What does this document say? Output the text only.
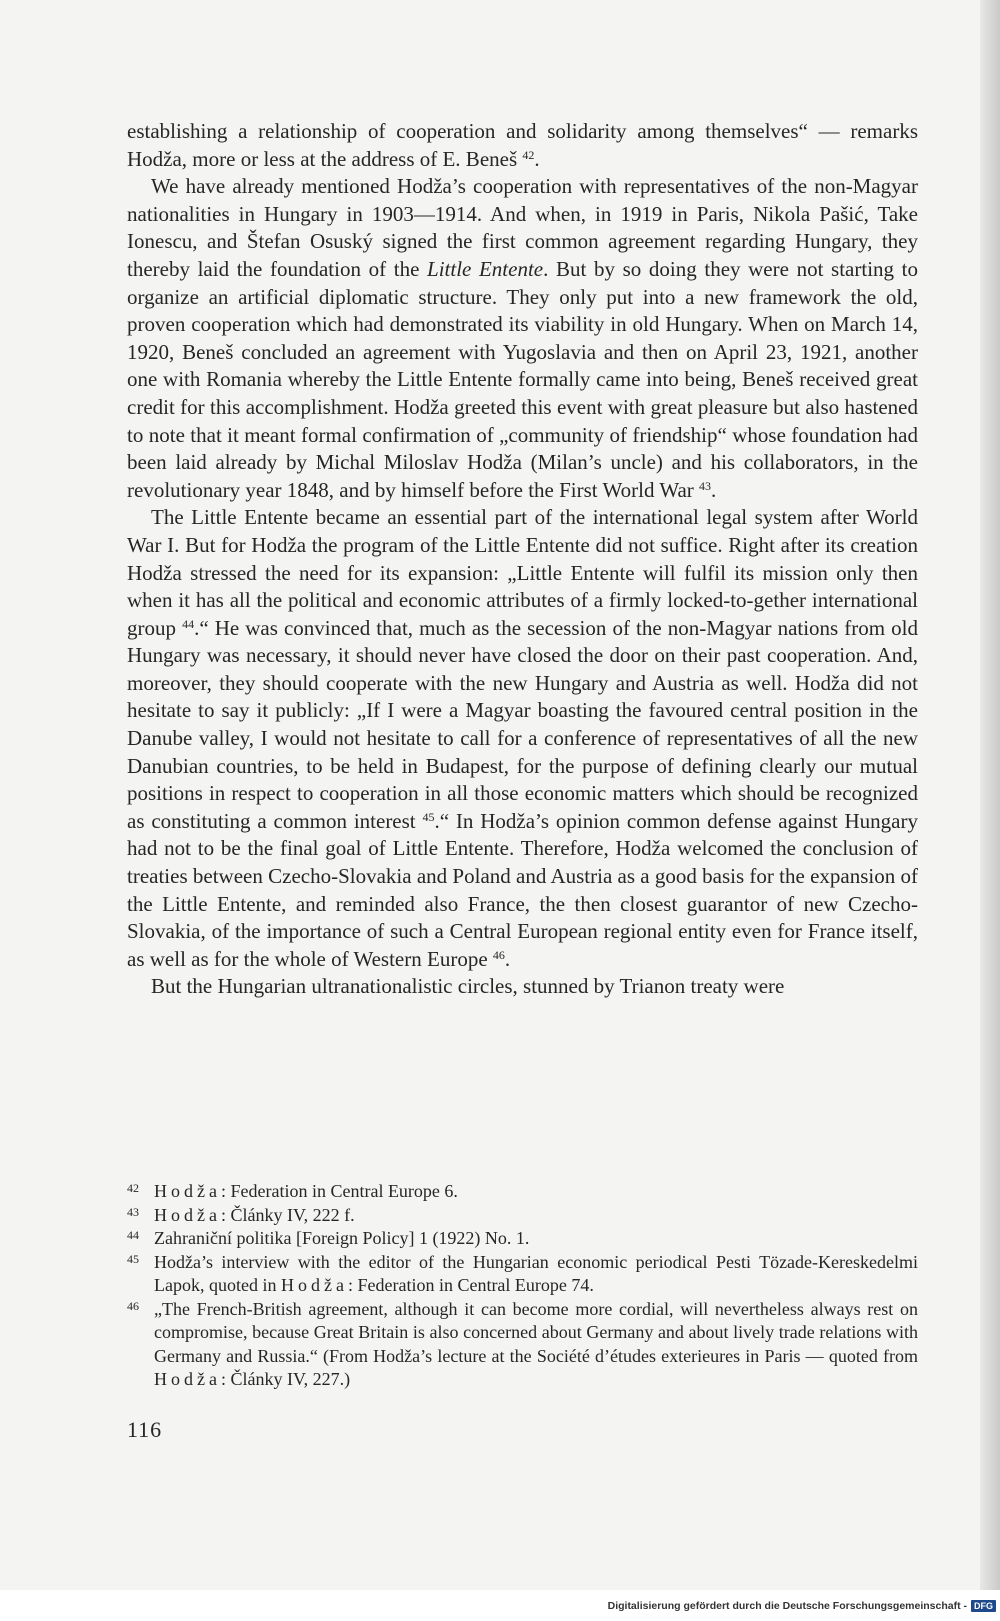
establishing a relationship of cooperation and solidarity among themselves“ — remarks Hodža, more or less at the address of E. Beneš $^{42}$.

We have already mentioned Hodža’s cooperation with representatives of the non-Magyar nationalities in Hungary in 1903—1914. And when, in 1919 in Paris, Nikola Pašić, Take Ionescu, and Štefan Osuský signed the first common agreement regarding Hungary, they thereby laid the foundation of the Little Entente. But by so doing they were not starting to organize an artificial diplomatic structure. They only put into a new framework the old, proven cooperation which had demonstrated its viability in old Hungary. When on March 14, 1920, Beneš concluded an agreement with Yugoslavia and then on April 23, 1921, another one with Romania whereby the Little Entente formally came into being, Beneš received great credit for this accomplishment. Hodža greeted this event with great pleasure but also hastened to note that it meant formal confirmation of „community of friendship“ whose foundation had been laid already by Michal Miloslav Hodža (Milan’s uncle) and his collaborators, in the revolutionary year 1848, and by himself before the First World War $^{43}$.

The Little Entente became an essential part of the international legal system after World War I. But for Hodža the program of the Little Entente did not suffice. Right after its creation Hodža stressed the need for its expansion: „Little Entente will fulfil its mission only then when it has all the political and economic attributes of a firmly locked-to-gether international group $^{44}$.“ He was convinced that, much as the secession of the non-Magyar nations from old Hungary was necessary, it should never have closed the door on their past cooperation. And, moreover, they should cooperate with the new Hungary and Austria as well. Hodža did not hesitate to say it publicly: „If I were a Magyar boasting the favoured central position in the Danube valley, I would not hesitate to call for a conference of representatives of all the new Danubian countries, to be held in Budapest, for the purpose of defining clearly our mutual positions in respect to cooperation in all those economic matters which should be recognized as constituting a common interest $^{45}$.“ In Hodža’s opinion common defense against Hungary had not to be the final goal of Little Entente. Therefore, Hodža welcomed the conclusion of treaties between Czecho-Slovakia and Poland and Austria as a good basis for the expansion of the Little Entente, and reminded also France, the then closest guarantor of new Czecho-Slovakia, of the importance of such a Central European regional entity even for France itself, as well as for the whole of Western Europe $^{46}$.

But the Hungarian ultranationalistic circles, stunned by Trianon treaty were

42 Hodža: Federation in Central Europe 6.

43 Hodža: Články IV, 222 f.

44 Zahraniční politika [Foreign Policy] 1 (1922) No. 1.

45 Hodža’s interview with the editor of the Hungarian economic periodical Pesti Tözade-Kereskedelmi Lapok, quoted in Hodža: Federation in Central Europe 74.

46 „The French-British agreement, although it can become more cordial, will nevertheless always rest on compromise, because Great Britain is also concerned about Germany and about lively trade relations with Germany and Russia.“ (From Hodža’s lecture at the Société d’études exterieures in Paris — quoted from Hodža: Články IV, 227.)

116
Digitalisierung gefördert durch die Deutsche Forschungsgemeinschaft - DFG
